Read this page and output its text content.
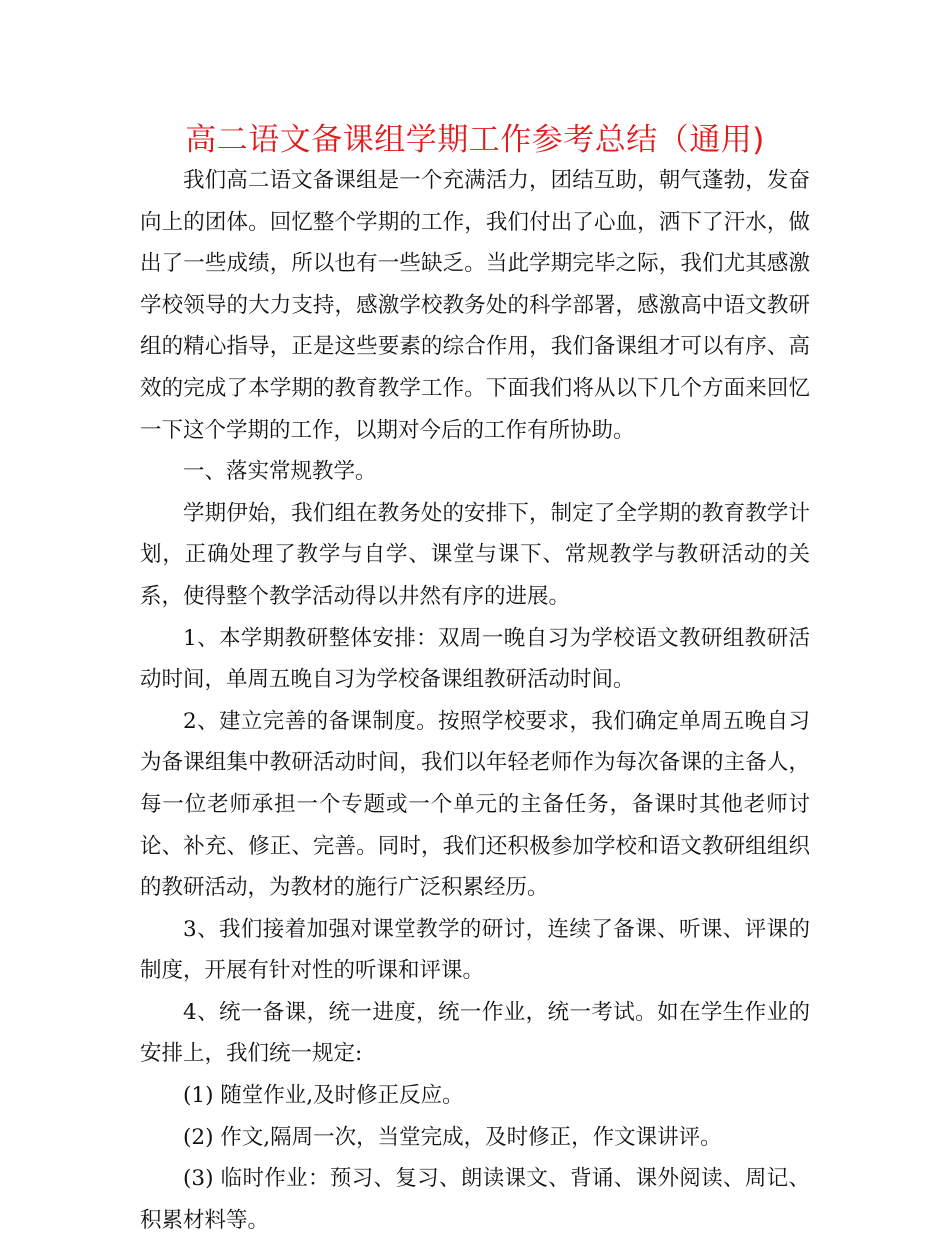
高二语文备课组学期工作参考总结（通用)

我们高二语文备课组是一个充满活力，团结互助，朝气蓬勃，发奋向上的团体。回忆整个学期的工作，我们付出了心血，洒下了汗水，做出了一些成绩，所以也有一些缺乏。当此学期完毕之际，我们尤其感激学校领导的大力支持，感激学校教务处的科学部署，感激高中语文教研组的精心指导，正是这些要素的综合作用，我们备课组才可以有序、高效的完成了本学期的教育教学工作。下面我们将从以下几个方面来回忆一下这个学期的工作，以期对今后的工作有所协助。

一、落实常规教学。

学期伊始，我们组在教务处的安排下，制定了全学期的教育教学计划，正确处理了教学与自学、课堂与课下、常规教学与教研活动的关系，使得整个教学活动得以井然有序的进展。

1、本学期教研整体安排：双周一晚自习为学校语文教研组教研活动时间，单周五晚自习为学校备课组教研活动时间。

2、建立完善的备课制度。按照学校要求，我们确定单周五晚自习为备课组集中教研活动时间，我们以年轻老师作为每次备课的主备人，每一位老师承担一个专题或一个单元的主备任务，备课时其他老师讨论、补充、修正、完善。同时，我们还积极参加学校和语文教研组组织的教研活动，为教材的施行广泛积累经历。

3、我们接着加强对课堂教学的研讨，连续了备课、听课、评课的制度，开展有针对性的听课和评课。

4、统一备课，统一进度，统一作业，统一考试。如在学生作业的安排上，我们统一规定:

(1) 随堂作业,及时修正反应。

(2) 作文,隔周一次，当堂完成，及时修正，作文课讲评。

(3) 临时作业：预习、复习、朗读课文、背诵、课外阅读、周记、积累材料等。
